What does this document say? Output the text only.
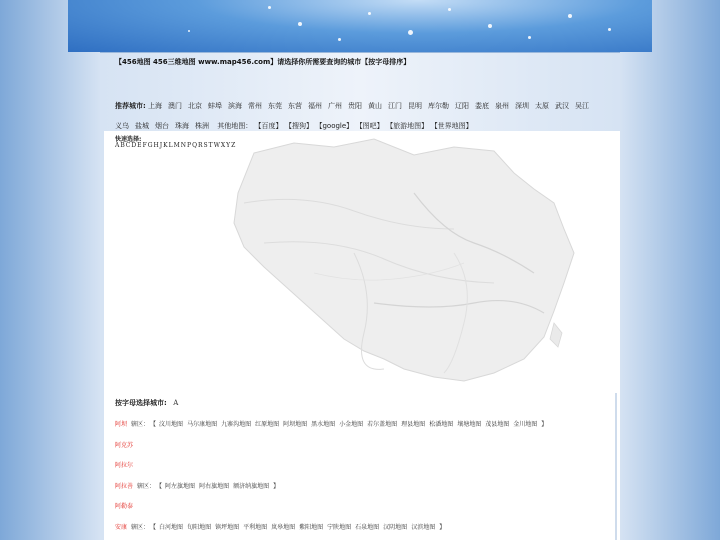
【456地图 456三维地图 www.map456.com】请选择你所需要查询的城市【按字母排序】
推荐城市: 上海 澳门 北京 蚌埠 滨海 常州 东莞 东营 福州 广州 贵阳 黄山 江门 昆明 库尔勒 辽阳 娄底 泉州 深圳 太原 武汉 吴江义乌 盐城 烟台 珠海 株洲 其他地图： 【百度】 【搜狗】 【google】 【图吧】 【旅游地图】 【世界地图】
快速选择:
ABCDEFGHJKLMNPQRSTWXYZ
按字母选择城市: A
阿坝 辖区： 【 汶川地图 马尔康地图 九寨沟地图 红原地图 阿坝地图 黑水地图 小金地图 若尔盖地图 理县地图 松潘地图 壤塘地图 茂县地图 金川地图 】
阿克苏
阿拉尔
阿拉善 辖区： 【 阿左旗地图 阿右旗地图 额济纳旗地图 】
阿勒泰
安康 辖区： 【 白河地图 旬阳地图 镇坪地图 平利地图 岚皋地图 紫阳地图 宁陕地图 石泉地图 汉阴地图 汉滨地图 】
